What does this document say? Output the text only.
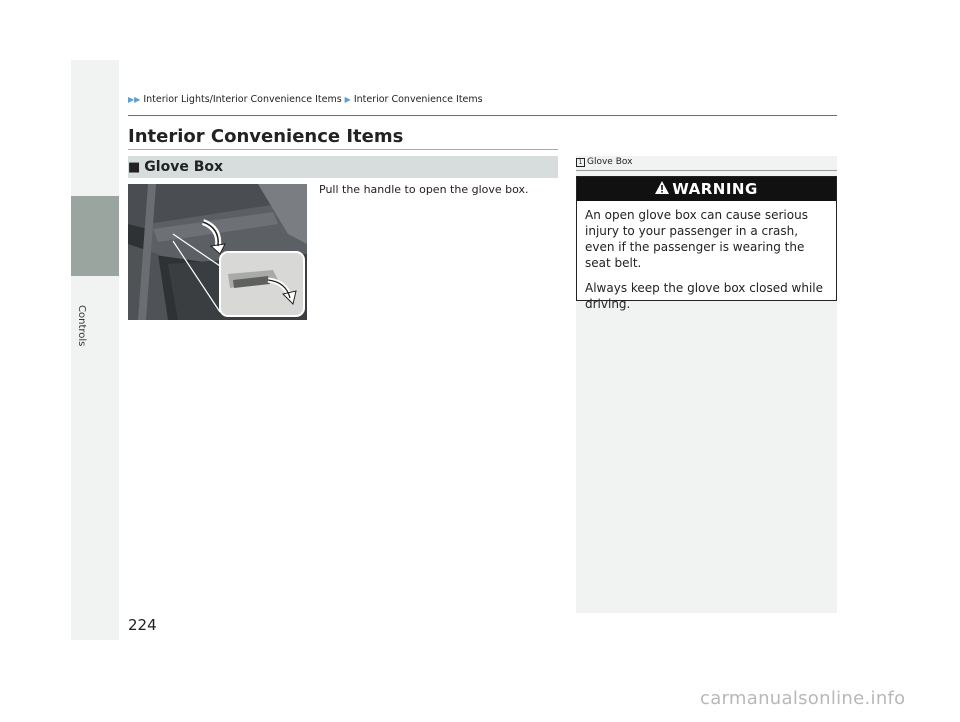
Controls
▶▶ Interior Lights/Interior Convenience Items ▶ Interior Convenience Items
Interior Convenience Items
■ Glove Box
Pull the handle to open the glove box.
1 Glove Box
WARNING

An open glove box can cause serious injury to your passenger in a crash, even if the passenger is wearing the seat belt.

Always keep the glove box closed while driving.

224
carmanualsonline.info
